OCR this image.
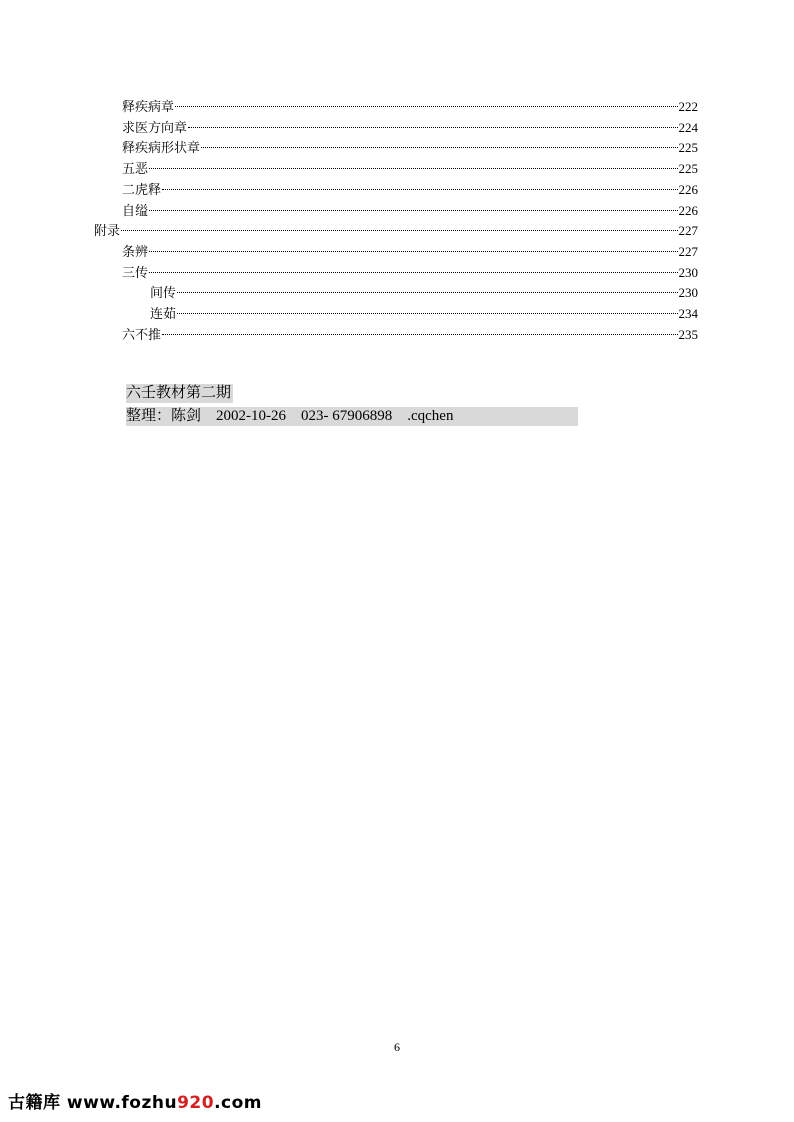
释疾病章	222
求医方向章	224
释疾病形状章	225
五恶	225
二虎释	226
自缢	226
附录	227
条辨	227
三传	230
间传	230
连茹	234
六不推	235
六壬教材第二期
整理：陈剑    2002-10-26    023- 67906898    .cqchen
6
古籍库 www.fozhu920.com
